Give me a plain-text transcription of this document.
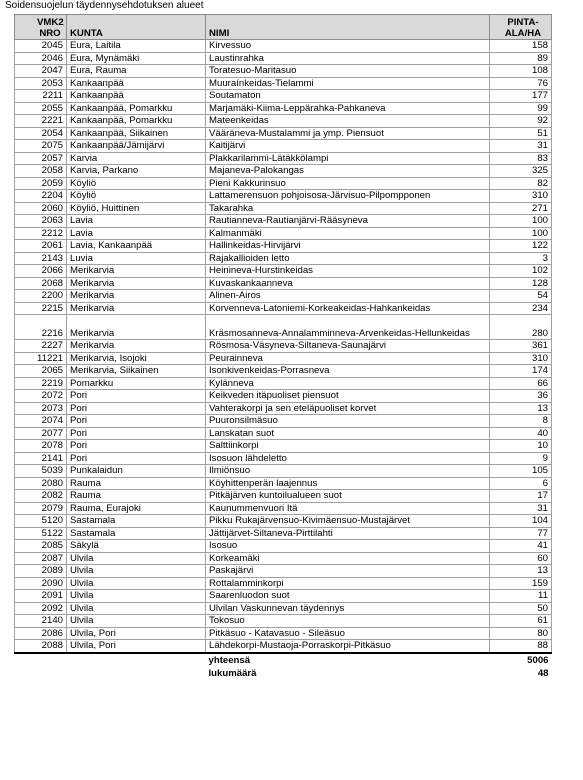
Soidensuojelun täydennysehdotuksen alueet
VMK2 NRO	KUNTA	NIMI	PINTA-ALA/HA
2045	Eura, Laitila	Kirvessuo	158
2046	Eura, Mynämäki	Laustinrahka	89
2047	Eura, Rauma	Toratesuo-Maritasuo	108
2053	Kankaanpää	Muuraínkeidas-Tielammi	76
2211	Kankaanpää	Soutamaton	177
2055	Kankaanpää, Pomarkku	Marjamäki-Kiima-Leppärahka-Pahkaneva	99
2221	Kankaanpää, Pomarkku	Mateenkeidas	92
2054	Kankaanpää, Siikainen	Vääräneva-Mustalammi ja ymp. Piensuot	51
2075	Kankaanpää/Jämijärvi	Kaitijärvi	31
2057	Karvia	Plakkarilammi-Lätäkkölampi	83
2058	Karvia, Parkano	Majaneva-Palokangas	325
2059	Köyliö	Pieni Kakkurinsuo	82
2204	Köyliö	Lattamerensuon pohjoisosa-Järvisuo-Pilpompponen	310
2060	Köyliö, Huittinen	Takarahka	271
2063	Lavia	Rautianneva-Rautianjärvi-Rääsyneva	100
2212	Lavia	Kalmanmäki	100
2061	Lavia, Kankaanpää	Hallinkeidas-Hirvijärvi	122
2143	Luvia	Rajakallioiden letto	3
2066	Merikarvia	Heinineva-Hurstinkeidas	102
2068	Merikarvia	Kuvaskankaanneva	128
2200	Merikarvia	Alinen-Airos	54
2215	Merikarvia	Korvenneva-Latoniemi-Korkeakeidas-Hahkankeidas	234
2216	Merikarvia	Kräsmosanneva-Annalamminneva-Arvenkeidas-Hellunkeidas	280
2227	Merikarvia	Rösmosa-Väsyneva-Siltaneva-Saunajärvi	361
11221	Merikarvia, Isojoki	Peurainneva	310
2065	Merikarvia, Siikainen	Isonkivenkeidas-Porrasneva	174
2219	Pomarkku	Kylänneva	66
2072	Pori	Keikveden itäpuoliset piensuot	36
2073	Pori	Vahterakorpi ja sen eteläpuoliset korvet	13
2074	Pori	Puuronsilmäsuo	8
2077	Pori	Lanskatan suot	40
2078	Pori	Salttiinkorpi	10
2141	Pori	Isosuon lähdeletto	9
5039	Punkalaidun	Ilmiönsuo	105
2080	Rauma	Köyhittenperän laajennus	6
2082	Rauma	Pitkäjärven kuntoilualueen suot	17
2079	Rauma, Eurajoki	Kaunummenvuori Itä	31
5120	Sastamala	Pikku Rukajärvensuo-Kivimäensuo-Mustajärvet	104
5122	Sastamala	Jättijärvet-Siltaneva-Pirttilahti	77
2085	Säkylä	Isosuo	41
2087	Ulvila	Korkeamäki	60
2089	Ulvila	Paskajärvi	13
2090	Ulvila	Rottalamminkorpi	159
2091	Ulvila	Saarenluodon suot	11
2092	Ulvila	Ulvilan Vaskunnevan täydennys	50
2140	Ulvila	Tokosuo	61
2086	Ulvila, Pori	Pitkäsuo - Katavasuo - Sileäsuo	80
2088	Ulvila, Pori	Lähdekorpi-Mustaoja-Porraskorpi-Pitkäsuo	88
		yhteensä	5006
		lukumäärä	48
